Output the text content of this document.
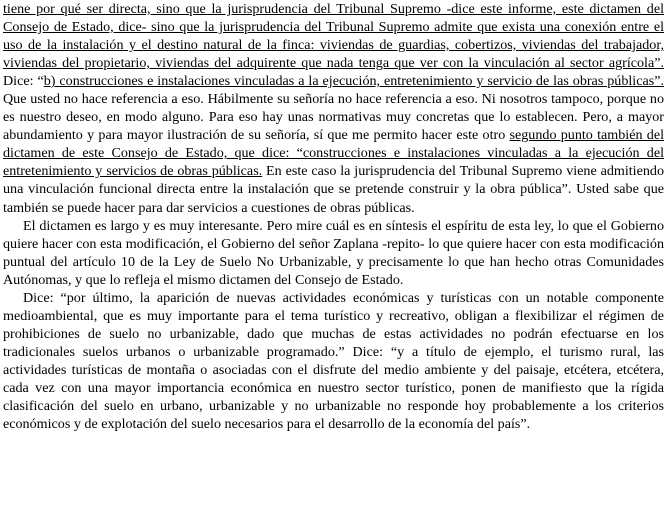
tiene por qué ser directa, sino que la jurisprudencia del Tribunal Supremo -dice este informe, este dictamen del Consejo de Estado, dice- sino que la jurisprudencia del Tribunal Supremo admite que exista una conexión entre el uso de la instalación y el destino natural de la finca: viviendas de guardias, cobertizos, viviendas del trabajador, viviendas del propietario, viviendas del adquirente que nada tenga que ver con la vinculación al sector agrícola”. Dice: “b) construcciones e instalaciones vinculadas a la ejecución, entretenimiento y servicio de las obras públicas”. Que usted no hace referencia a eso. Hábilmente su señoría no hace referencia a eso. Ni nosotros tampoco, porque no es nuestro deseo, en modo alguno. Para eso hay unas normativas muy concretas que lo establecen. Pero, a mayor abundamiento y para mayor ilustración de su señoría, sí que me permito hacer este otro segundo punto también del dictamen de este Consejo de Estado, que dice: “construcciones e instalaciones vinculadas a la ejecución del entretenimiento y servicios de obras públicas. En este caso la jurisprudencia del Tribunal Supremo viene admitiendo una vinculación funcional directa entre la instalación que se pretende construir y la obra pública”. Usted sabe que también se puede hacer para dar servicios a cuestiones de obras públicas.

El dictamen es largo y es muy interesante. Pero mire cuál es en síntesis el espíritu de esta ley, lo que el Gobierno quiere hacer con esta modificación, el Gobierno del señor Zaplana -repito- lo que quiere hacer con esta modificación puntual del artículo 10 de la Ley de Suelo No Urbanizable, y precisamente lo que han hecho otras Comunidades Autónomas, y que lo refleja el mismo dictamen del Consejo de Estado.

Dice: “por último, la aparición de nuevas actividades económicas y turísticas con un notable componente medioambiental, que es muy importante para el tema turístico y recreativo, obligan a flexibilizar el régimen de prohibiciones de suelo no urbanizable, dado que muchas de estas actividades no podrán efectuarse en los tradicionales suelos urbanos o urbanizable programado.” Dice: “y a título de ejemplo, el turismo rural, las actividades turísticas de montaña o asociadas con el disfrute del medio ambiente y del paisaje, etcétera, etcétera, cada vez con una mayor importancia económica en nuestro sector turístico, ponen de manifiesto que la rígida clasificación del suelo en urbano, urbanizable y no urbanizable no responde hoy probablemente a los criterios económicos y de explotación del suelo necesarios para el desarrollo de la economía del país”.
